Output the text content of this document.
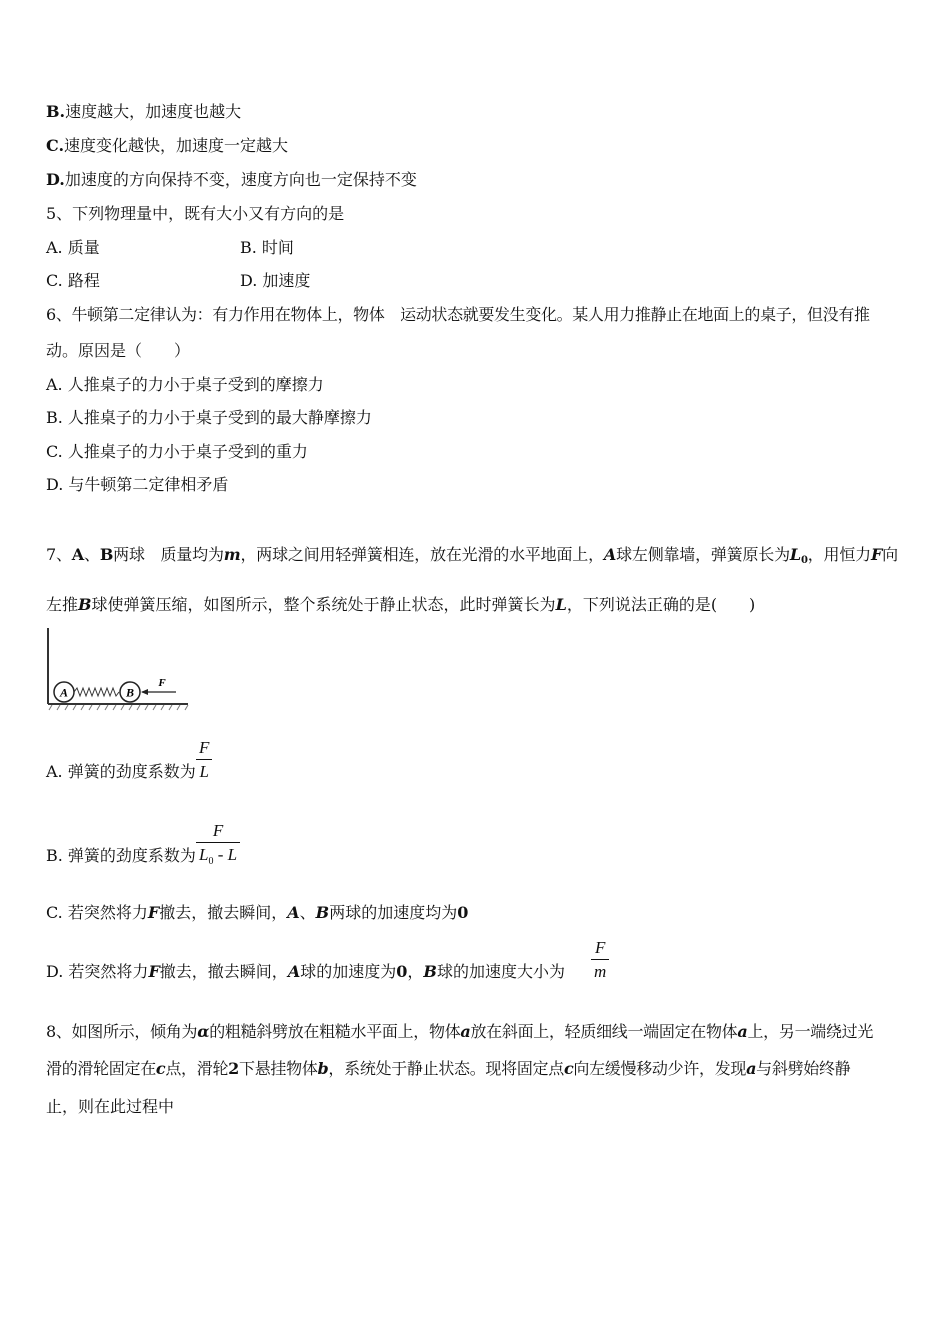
B.速度越大，加速度也越大
C.速度变化越快，加速度一定越大
D.加速度的方向保持不变，速度方向也一定保持不变
5、下列物理量中，既有大小又有方向的是
A. 质量	B. 时间
C. 路程	D. 加速度
6、牛顿第二定律认为：有力作用在物体上，物体　运动状态就要发生变化。某人用力推静止在地面上的桌子，但没有推
动。原因是（　　）
A. 人推桌子的力小于桌子受到的摩擦力
B. 人推桌子的力小于桌子受到的最大静摩擦力
C. 人推桌子的力小于桌子受到的重力
D. 与牛顿第二定律相矛盾
7、A、B两球　质量均为m，两球之间用轻弹簧相连，放在光滑的水平地面上，A球左侧靠墙，弹簧原长为L0，用恒力F向
左推B球使弹簧压缩，如图所示，整个系统处于静止状态，此时弹簧长为L，下列说法正确的是(　　)
A	B
F
A. 弹簧的劲度系数为
F
L
B. 弹簧的劲度系数为
F
$L_0$ - L
C. 若突然将力F撤去，撤去瞬间，A、B两球的加速度均为0
D. 若突然将力F撤去，撤去瞬间，A球的加速度为0，B球的加速度大小为
F
m
8、如图所示，倾角为α的粗糙斜劈放在粗糙水平面上，物体a放在斜面上，轻质细线一端固定在物体a上，另一端绕过光
滑的滑轮固定在c点，滑轮2下悬挂物体b，系统处于静止状态。现将固定点c向左缓慢移动少许，发现a与斜劈始终静
止，则在此过程中
